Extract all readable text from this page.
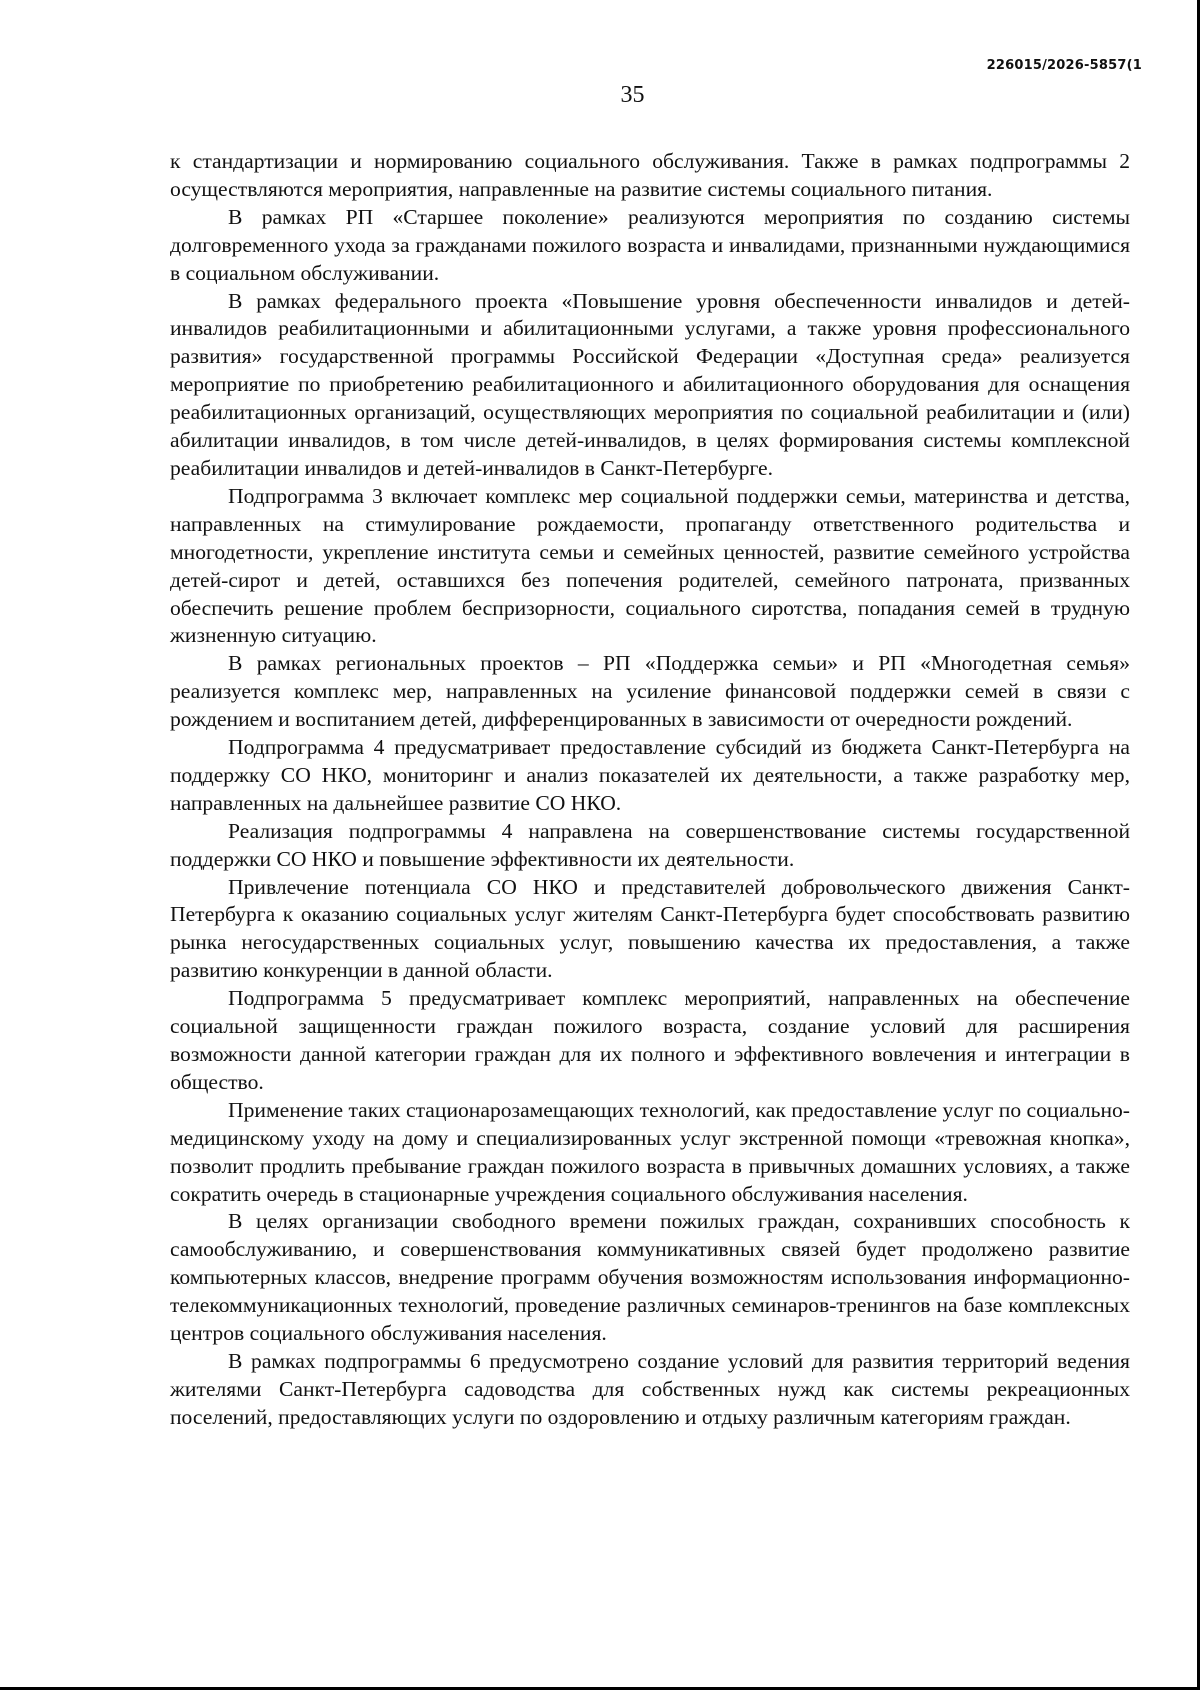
226015/2026-5857(1
35

к стандартизации и нормированию социального обслуживания. Также в рамках подпрограммы 2 осуществляются мероприятия, направленные на развитие системы социального питания.

В рамках РП «Старшее поколение» реализуются мероприятия по созданию системы долговременного ухода за гражданами пожилого возраста и инвалидами, признанными нуждающимися в социальном обслуживании.

В рамках федерального проекта «Повышение уровня обеспеченности инвалидов и детей-инвалидов реабилитационными и абилитационными услугами, а также уровня профессионального развития» государственной программы Российской Федерации «Доступная среда» реализуется мероприятие по приобретению реабилитационного и абилитационного оборудования для оснащения реабилитационных организаций, осуществляющих мероприятия по социальной реабилитации и (или) абилитации инвалидов, в том числе детей-инвалидов, в целях формирования системы комплексной реабилитации инвалидов и детей-инвалидов в Санкт-Петербурге.

Подпрограмма 3 включает комплекс мер социальной поддержки семьи, материнства и детства, направленных на стимулирование рождаемости, пропаганду ответственного родительства и многодетности, укрепление института семьи и семейных ценностей, развитие семейного устройства детей-сирот и детей, оставшихся без попечения родителей, семейного патроната, призванных обеспечить решение проблем беспризорности, социального сиротства, попадания семей в трудную жизненную ситуацию.

В рамках региональных проектов – РП «Поддержка семьи» и РП «Многодетная семья» реализуется комплекс мер, направленных на усиление финансовой поддержки семей в связи с рождением и воспитанием детей, дифференцированных в зависимости от очередности рождений.

Подпрограмма 4 предусматривает предоставление субсидий из бюджета Санкт-Петербурга на поддержку СО НКО, мониторинг и анализ показателей их деятельности, а также разработку мер, направленных на дальнейшее развитие СО НКО.

Реализация подпрограммы 4 направлена на совершенствование системы государственной поддержки СО НКО и повышение эффективности их деятельности.

Привлечение потенциала СО НКО и представителей добровольческого движения Санкт-Петербурга к оказанию социальных услуг жителям Санкт-Петербурга будет способствовать развитию рынка негосударственных социальных услуг, повышению качества их предоставления, а также развитию конкуренции в данной области.

Подпрограмма 5 предусматривает комплекс мероприятий, направленных на обеспечение социальной защищенности граждан пожилого возраста, создание условий для расширения возможности данной категории граждан для их полного и эффективного вовлечения и интеграции в общество.

Применение таких стационарозамещающих технологий, как предоставление услуг по социально-медицинскому уходу на дому и специализированных услуг экстренной помощи «тревожная кнопка», позволит продлить пребывание граждан пожилого возраста в привычных домашних условиях, а также сократить очередь в стационарные учреждения социального обслуживания населения.

В целях организации свободного времени пожилых граждан, сохранивших способность к самообслуживанию, и совершенствования коммуникативных связей будет продолжено развитие компьютерных классов, внедрение программ обучения возможностям использования информационно-телекоммуникационных технологий, проведение различных семинаров-тренингов на базе комплексных центров социального обслуживания населения.

В рамках подпрограммы 6 предусмотрено создание условий для развития территорий ведения жителями Санкт-Петербурга садоводства для собственных нужд как системы рекреационных поселений, предоставляющих услуги по оздоровлению и отдыху различным категориям граждан.
